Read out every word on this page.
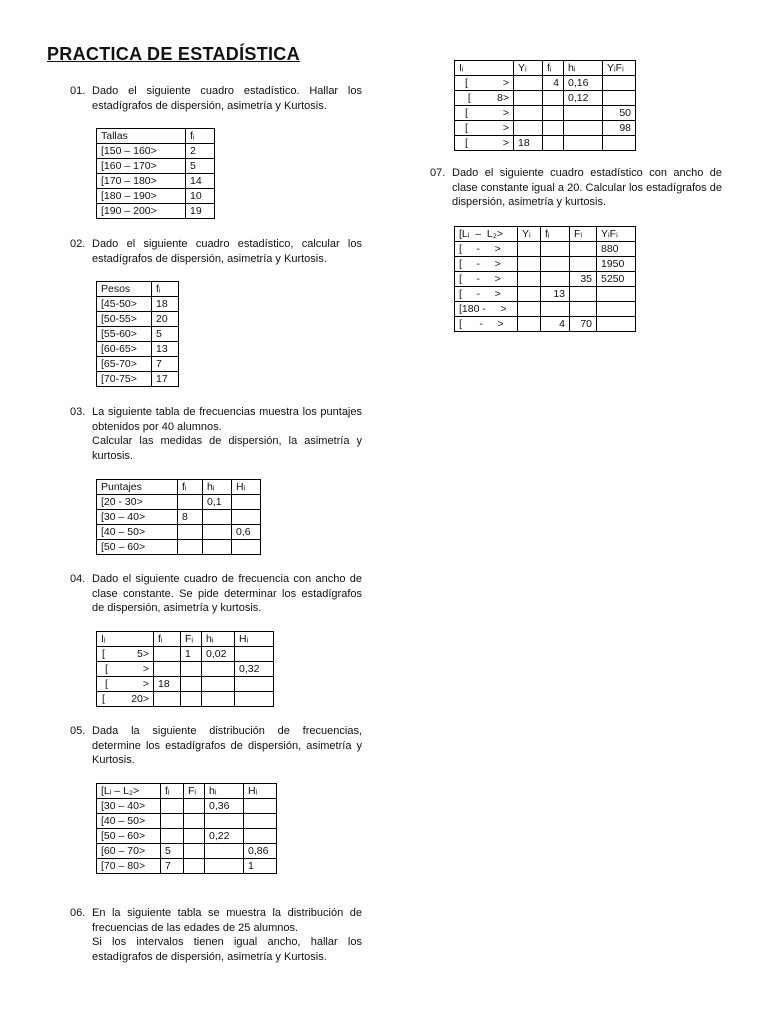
PRACTICA DE ESTADÍSTICA
01. Dado el siguiente cuadro estadístico. Hallar los estadígrafos de dispersión, asimetría y Kurtosis.

Tallas	fᵢ
[150 – 160>	2
[160 – 170>	5
[170 – 180>	14
[180 – 190>	10
[190 – 200>	19
02. Dado el siguiente cuadro estadístico, calcular los estadígrafos de dispersión, asimetría y Kurtosis.

Pesos	fᵢ
[45-50>	18
[50-55>	20
[55-60>	5
[60-65>	13
[65-70>	7
[70-75>	17
03. La siguiente tabla de frecuencias muestra los puntajes obtenidos por 40 alumnos.

Calcular las medidas de dispersión, la asimetría y kurtosis.

Puntajes	fᵢ	hᵢ	Hᵢ
[20 - 30>		0,1	
[30 – 40>	8		
[40 – 50>			0,6
[50 – 60>			
04. Dado el siguiente cuadro de frecuencia con ancho de clase constante. Se pide determinar los estadígrafos de dispersión, asimetría y kurtosis.

Iᵢ	fᵢ	Fᵢ	hᵢ	Hᵢ
[           5>		1	0,02	
[            >				0,32
[            >	18			
[         20>				
05. Dada la siguiente distribución de frecuencias, determine los estadígrafos de dispersión, asimetría y Kurtosis.

[Lᵢ – L₂>	fᵢ	Fᵢ	hᵢ	Hᵢ
[30 – 40>			0,36	
[40 – 50>				
[50 – 60>			0,22	
[60 – 70>	5			0,86
[70 – 80>	7			1
06. En la siguiente tabla se muestra la distribución de frecuencias de las edades de 25 alumnos.

Si los intervalos tienen igual ancho, hallar los estadígrafos de dispersión, asimetría y Kurtosis.

Iᵢ	Yᵢ	fᵢ	hᵢ	YᵢFᵢ
[            >		4	0,16	
[         8>			0,12	
[            >				50
[            >				98
[            >	18			
07. Dado el siguiente cuadro estadístico con ancho de clase constante igual a 20. Calcular los estadígrafos de dispersión, asimetría y kurtosis.

[Lᵢ  –  L₂>	Yᵢ	fᵢ	Fᵢ	YᵢFᵢ
[     -     >				880
[     -     >				1950
[     -     >			35	5250
[     -     >		13		
[180 -     >				
[      -     >		4	70	
